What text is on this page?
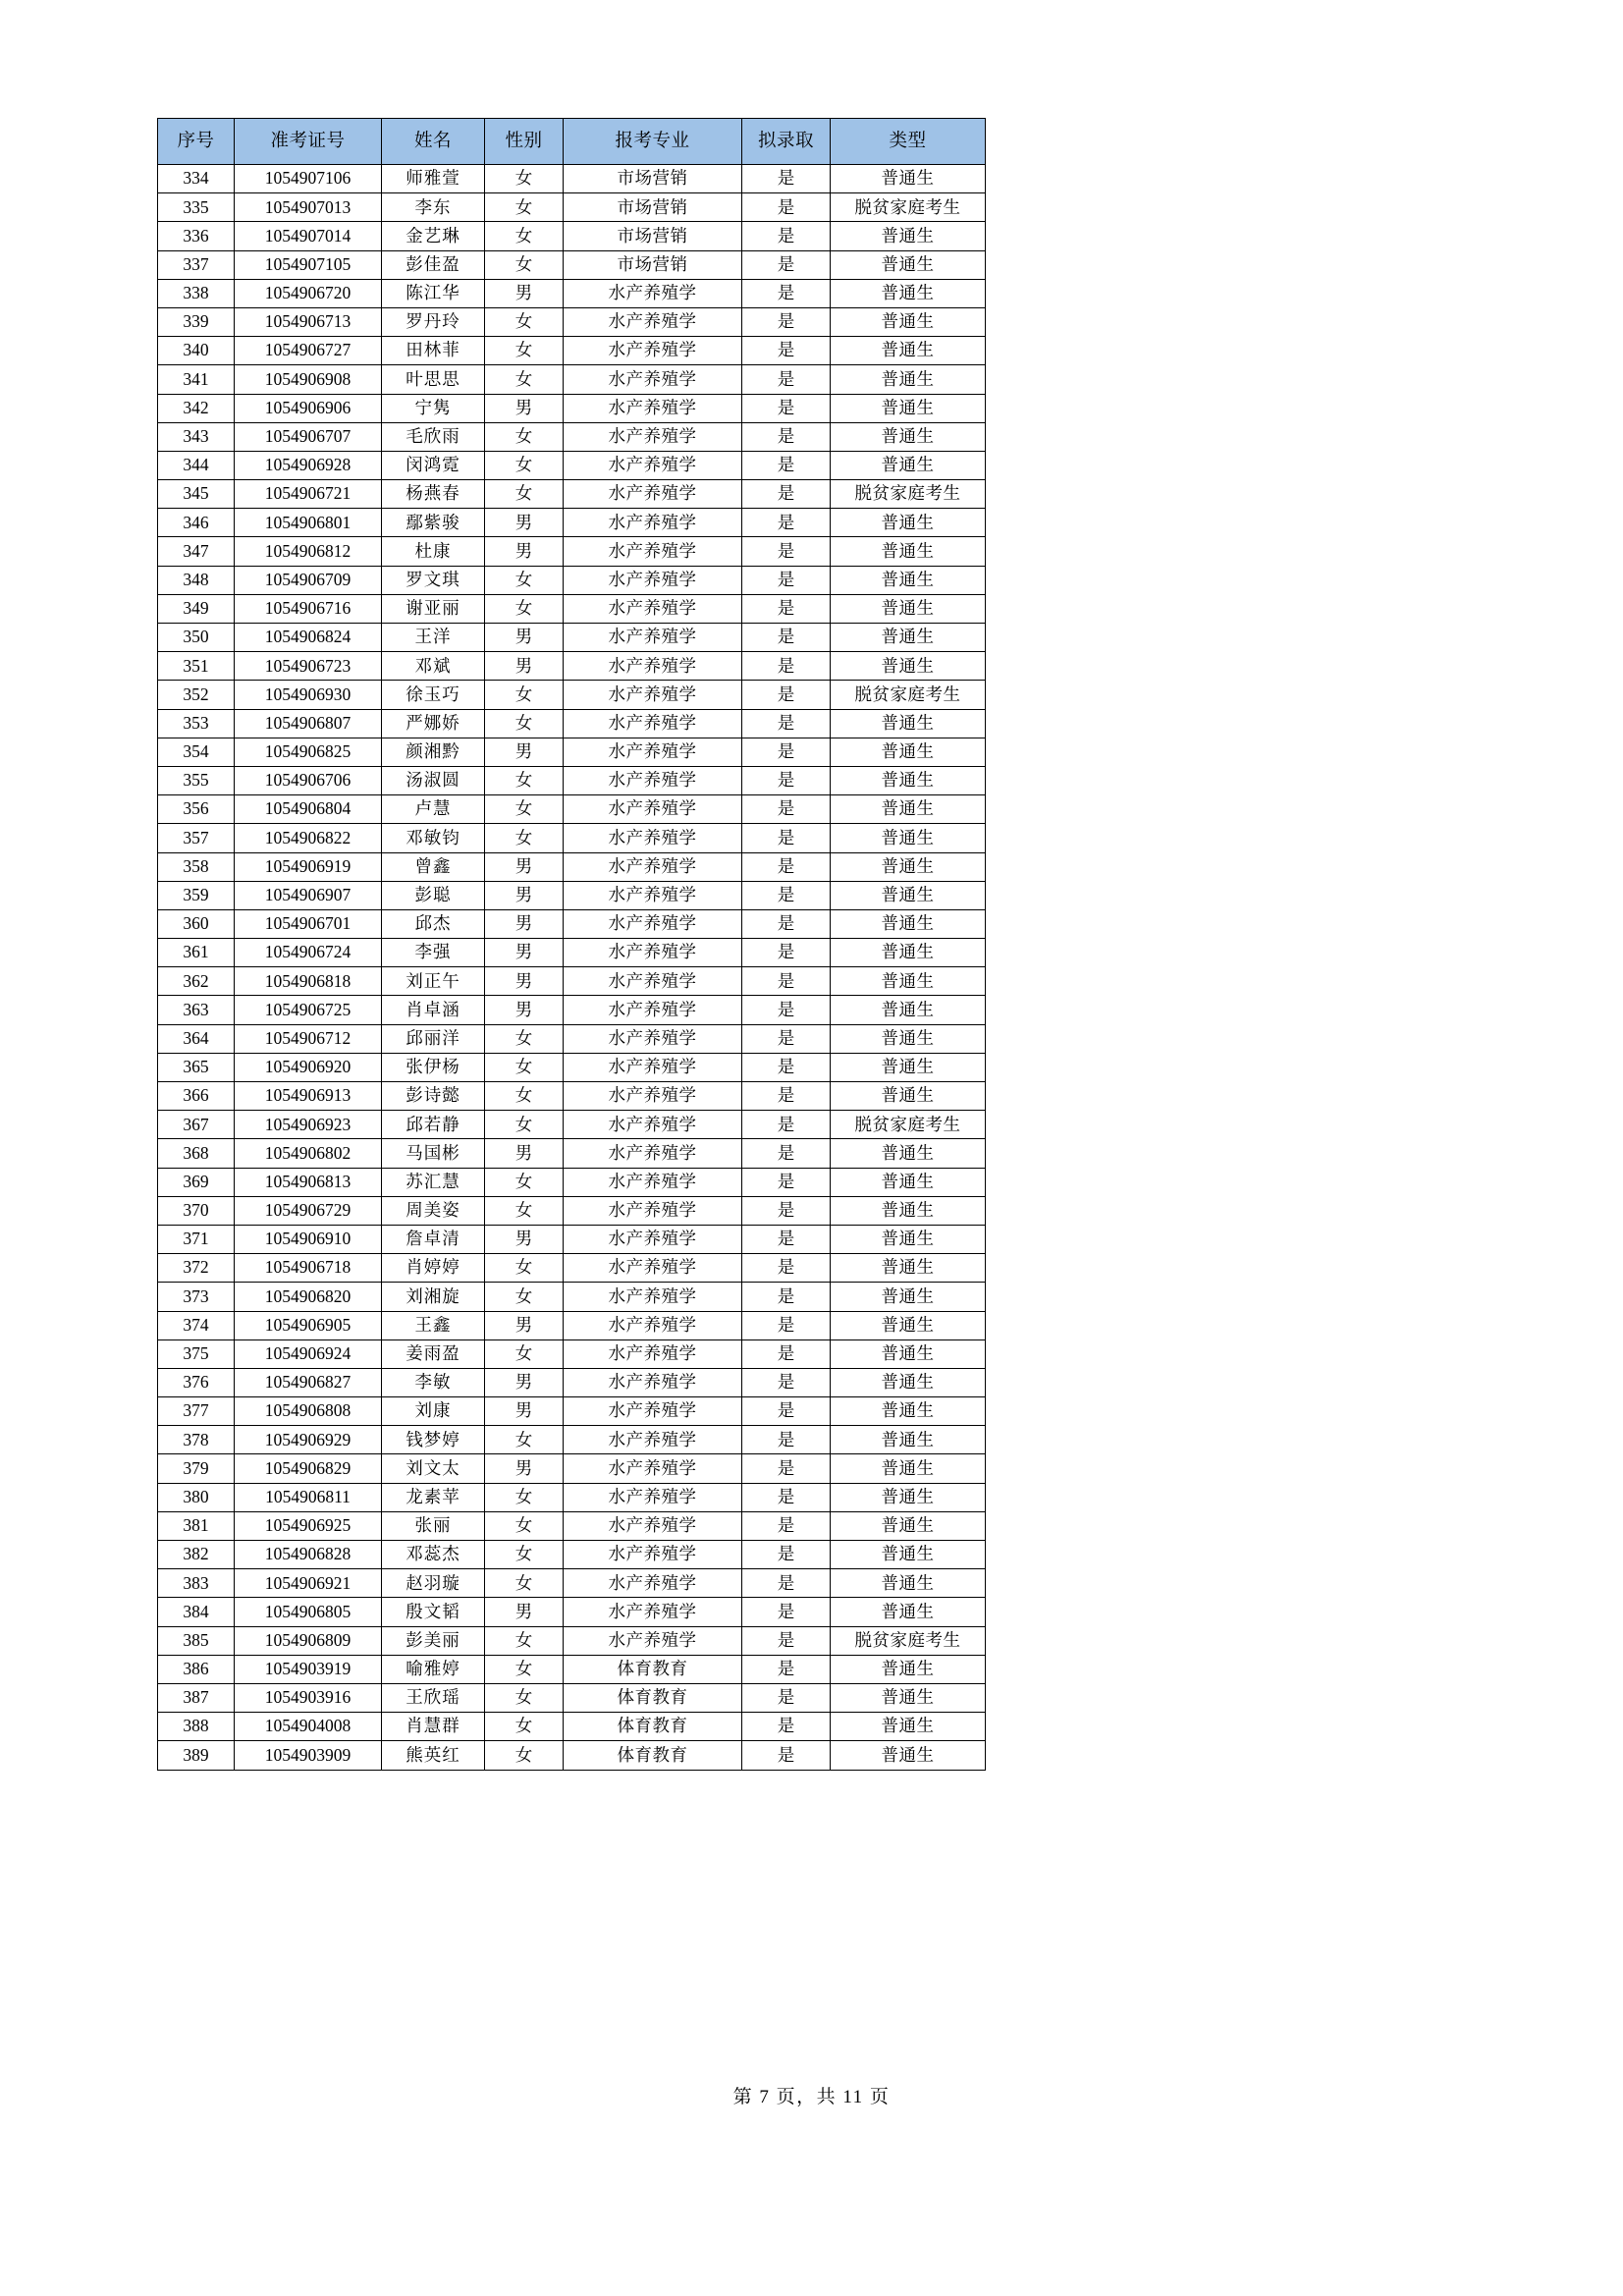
序号	准考证号	姓名	性别	报考专业	拟录取	类型
334	1054907106	师雅萱	女	市场营销	是	普通生
335	1054907013	李东	女	市场营销	是	脱贫家庭考生
336	1054907014	金艺琳	女	市场营销	是	普通生
337	1054907105	彭佳盈	女	市场营销	是	普通生
338	1054906720	陈江华	男	水产养殖学	是	普通生
339	1054906713	罗丹玲	女	水产养殖学	是	普通生
340	1054906727	田林菲	女	水产养殖学	是	普通生
341	1054906908	叶思思	女	水产养殖学	是	普通生
342	1054906906	宁隽	男	水产养殖学	是	普通生
343	1054906707	毛欣雨	女	水产养殖学	是	普通生
344	1054906928	闵鸿霓	女	水产养殖学	是	普通生
345	1054906721	杨燕春	女	水产养殖学	是	脱贫家庭考生
346	1054906801	鄢紫骏	男	水产养殖学	是	普通生
347	1054906812	杜康	男	水产养殖学	是	普通生
348	1054906709	罗文琪	女	水产养殖学	是	普通生
349	1054906716	谢亚丽	女	水产养殖学	是	普通生
350	1054906824	王洋	男	水产养殖学	是	普通生
351	1054906723	邓斌	男	水产养殖学	是	普通生
352	1054906930	徐玉巧	女	水产养殖学	是	脱贫家庭考生
353	1054906807	严娜娇	女	水产养殖学	是	普通生
354	1054906825	颜湘黔	男	水产养殖学	是	普通生
355	1054906706	汤淑圆	女	水产养殖学	是	普通生
356	1054906804	卢慧	女	水产养殖学	是	普通生
357	1054906822	邓敏钧	女	水产养殖学	是	普通生
358	1054906919	曾鑫	男	水产养殖学	是	普通生
359	1054906907	彭聪	男	水产养殖学	是	普通生
360	1054906701	邱杰	男	水产养殖学	是	普通生
361	1054906724	李强	男	水产养殖学	是	普通生
362	1054906818	刘正午	男	水产养殖学	是	普通生
363	1054906725	肖卓涵	男	水产养殖学	是	普通生
364	1054906712	邱丽洋	女	水产养殖学	是	普通生
365	1054906920	张伊杨	女	水产养殖学	是	普通生
366	1054906913	彭诗懿	女	水产养殖学	是	普通生
367	1054906923	邱若静	女	水产养殖学	是	脱贫家庭考生
368	1054906802	马国彬	男	水产养殖学	是	普通生
369	1054906813	苏汇慧	女	水产养殖学	是	普通生
370	1054906729	周美姿	女	水产养殖学	是	普通生
371	1054906910	詹卓清	男	水产养殖学	是	普通生
372	1054906718	肖婷婷	女	水产养殖学	是	普通生
373	1054906820	刘湘旋	女	水产养殖学	是	普通生
374	1054906905	王鑫	男	水产养殖学	是	普通生
375	1054906924	姜雨盈	女	水产养殖学	是	普通生
376	1054906827	李敏	男	水产养殖学	是	普通生
377	1054906808	刘康	男	水产养殖学	是	普通生
378	1054906929	钱梦婷	女	水产养殖学	是	普通生
379	1054906829	刘文太	男	水产养殖学	是	普通生
380	1054906811	龙素苹	女	水产养殖学	是	普通生
381	1054906925	张丽	女	水产养殖学	是	普通生
382	1054906828	邓蕊杰	女	水产养殖学	是	普通生
383	1054906921	赵羽璇	女	水产养殖学	是	普通生
384	1054906805	殷文韬	男	水产养殖学	是	普通生
385	1054906809	彭美丽	女	水产养殖学	是	脱贫家庭考生
386	1054903919	喻雅婷	女	体育教育	是	普通生
387	1054903916	王欣瑶	女	体育教育	是	普通生
388	1054904008	肖慧群	女	体育教育	是	普通生
389	1054903909	熊英红	女	体育教育	是	普通生
第 7 页，共 11 页
